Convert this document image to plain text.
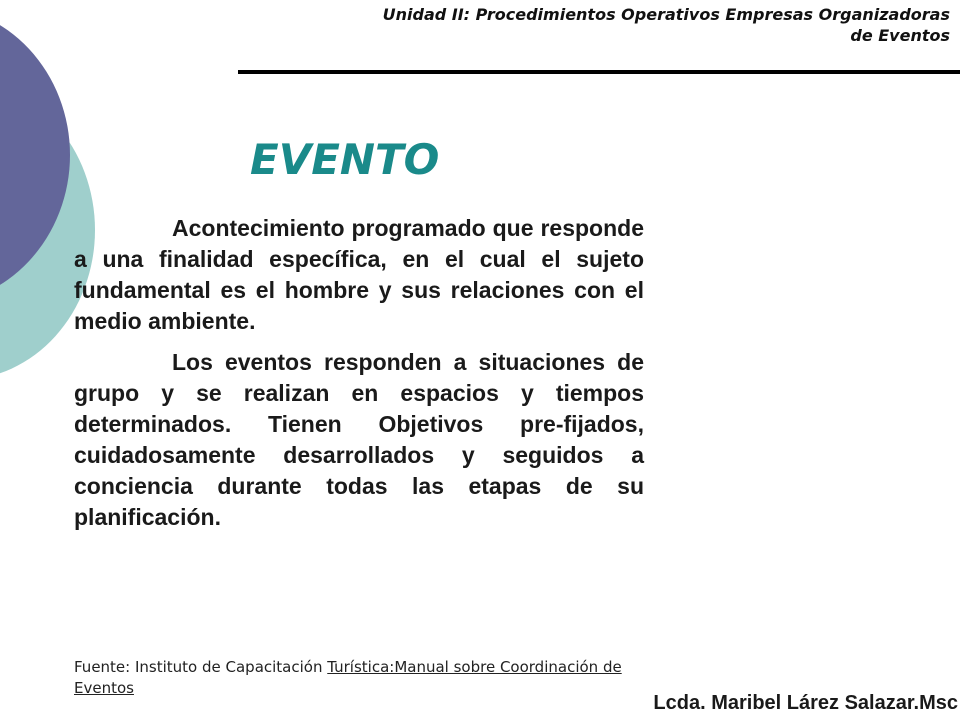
Unidad II: Procedimientos Operativos Empresas Organizadoras
de Eventos
EVENTO

Acontecimiento programado que responde a una finalidad específica, en el cual el sujeto fundamental es el hombre y sus relaciones con el medio ambiente.

Los eventos responden a situaciones de grupo y se realizan en espacios y tiempos determinados. Tienen Objetivos pre-fijados, cuidadosamente desarrollados y seguidos a conciencia durante todas las etapas de su planificación.

Fuente: Instituto de Capacitación Turística:Manual sobre Coordinación de Eventos
Lcda. Maribel Lárez Salazar.Msc
